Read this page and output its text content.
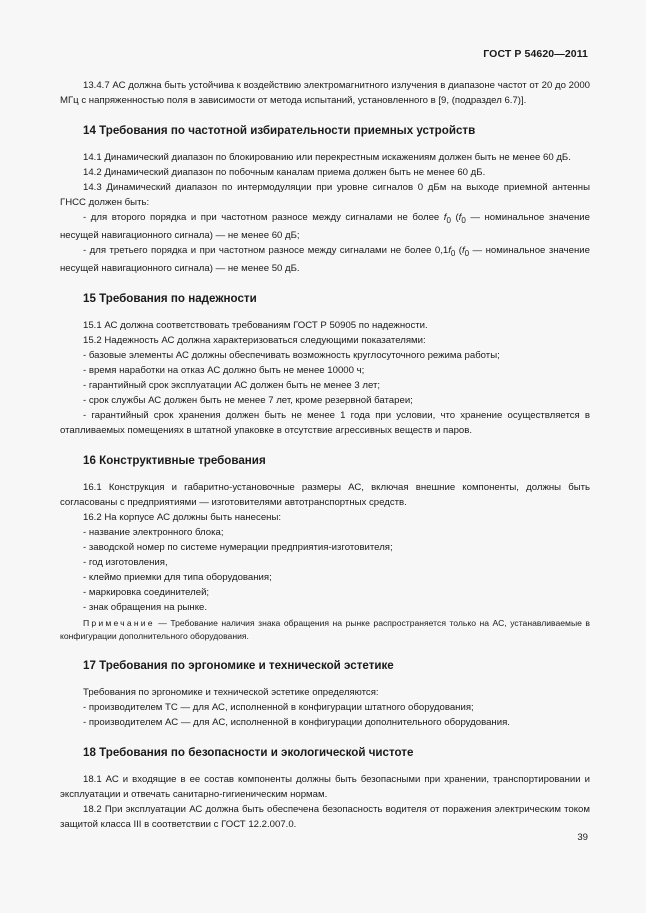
ГОСТ Р 54620—2011

13.4.7 АС должна быть устойчива к воздействию электромагнитного излучения в диапазоне частот от 20 до 2000 МГц с напряженностью поля в зависимости от метода испытаний, установленного в [9, (подраздел 6.7)].

14 Требования по частотной избирательности приемных устройств

14.1 Динамический диапазон по блокированию или перекрестным искажениям должен быть не менее 60 дБ.

14.2 Динамический диапазон по побочным каналам приема должен быть не менее 60 дБ.

14.3 Динамический диапазон по интермодуляции при уровне сигналов 0 дБм на выходе приемной антенны ГНСС должен быть:

- для второго порядка и при частотном разносе между сигналами не более $f_0$ ($f_0$ — номинальное значение несущей навигационного сигнала) — не менее 60 дБ;

- для третьего порядка и при частотном разносе между сигналами не более $0,1f_0$ ($f_0$ — номинальное значение несущей навигационного сигнала) — не менее 50 дБ.

15 Требования по надежности

15.1 АС должна соответствовать требованиям ГОСТ Р 50905 по надежности.

15.2 Надежность АС должна характеризоваться следующими показателями:

- базовые элементы АС должны обеспечивать возможность круглосуточного режима работы;

- время наработки на отказ АС должно быть не менее 10000 ч;

- гарантийный срок эксплуатации АС должен быть не менее 3 лет;

- срок службы АС должен быть не менее 7 лет, кроме резервной батареи;

- гарантийный срок хранения должен быть не менее 1 года при условии, что хранение осуществляется в отапливаемых помещениях в штатной упаковке в отсутствие агрессивных веществ и паров.

16 Конструктивные требования

16.1 Конструкция и габаритно-установочные размеры АС, включая внешние компоненты, должны быть согласованы с предприятиями — изготовителями автотранспортных средств.

16.2 На корпусе АС должны быть нанесены:

- название электронного блока;

- заводской номер по системе нумерации предприятия-изготовителя;

- год изготовления,

- клеймо приемки для типа оборудования;

- маркировка соединителей;

- знак обращения на рынке.

Примечание — Требование наличия знака обращения на рынке распространяется только на АС, устанавливаемые в конфигурации дополнительного оборудования.

17 Требования по эргономике и технической эстетике

Требования по эргономике и технической эстетике определяются:

- производителем ТС — для АС, исполненной в конфигурации штатного оборудования;

- производителем АС — для АС, исполненной в конфигурации дополнительного оборудования.

18 Требования по безопасности и экологической чистоте

18.1 АС и входящие в ее состав компоненты должны быть безопасными при хранении, транспортировании и эксплуатации и отвечать санитарно-гигиеническим нормам.

18.2 При эксплуатации АС должна быть обеспечена безопасность водителя от поражения электрическим током защитой класса III в соответствии с ГОСТ 12.2.007.0.

39
